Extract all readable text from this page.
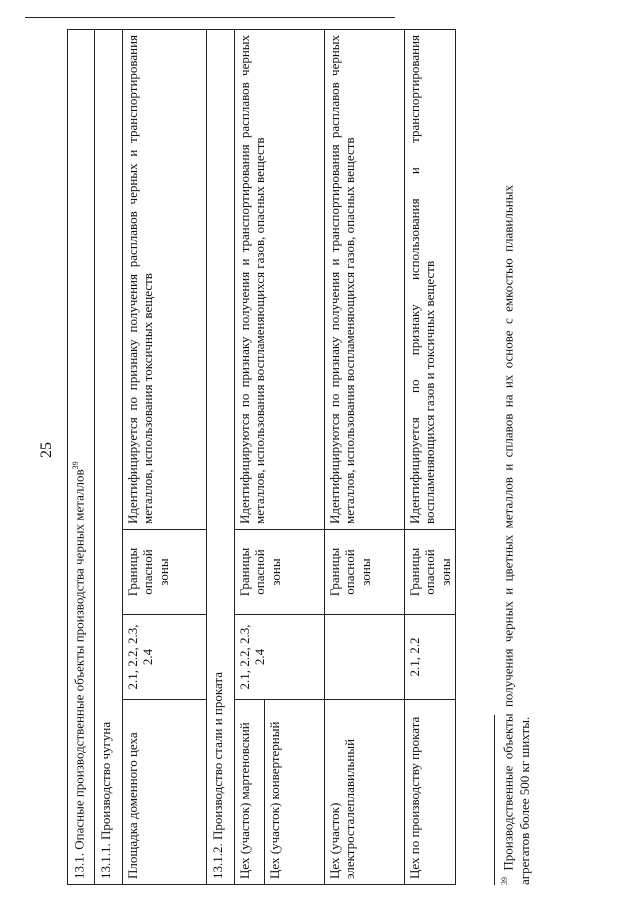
25
13.1. Опасные производственные объекты производства черных металлов$^{39}$
13.1.1. Производство чугуна			
Площадка доменного цеха	2.1, 2.2, 2.3, 2.4	Границы опасной зоны	Идентифицируется по признаку получения расплавов черных и транспортирования металлов, использования токсичных веществ
13.1.2. Производство стали и проката			
Цех (участок) мартеновский	2.1, 2.2, 2.3, 2.4	Границы опасной зоны	Идентифицируются по признаку получения и транспортирования расплавов черных металлов, использования воспламеняющихся газов, опасных веществ
Цех (участок) конвертерный			
Цех (участок) электросталеплавильный		Границы опасной зоны	Идентифицируются по признаку получения и транспортирования расплавов черных металлов, использования воспламеняющихся газов, опасных веществ
Цех по производству проката	2.1, 2.2	Границы опасной зоны	Идентифицируется по признаку использования и транспортирования воспламеняющихся газов и токсичных веществ
$^{39}$ Производственные объекты получения черных и цветных металлов и сплавов на их основе с емкостью плавильных агрегатов более 500 кг шихты.
